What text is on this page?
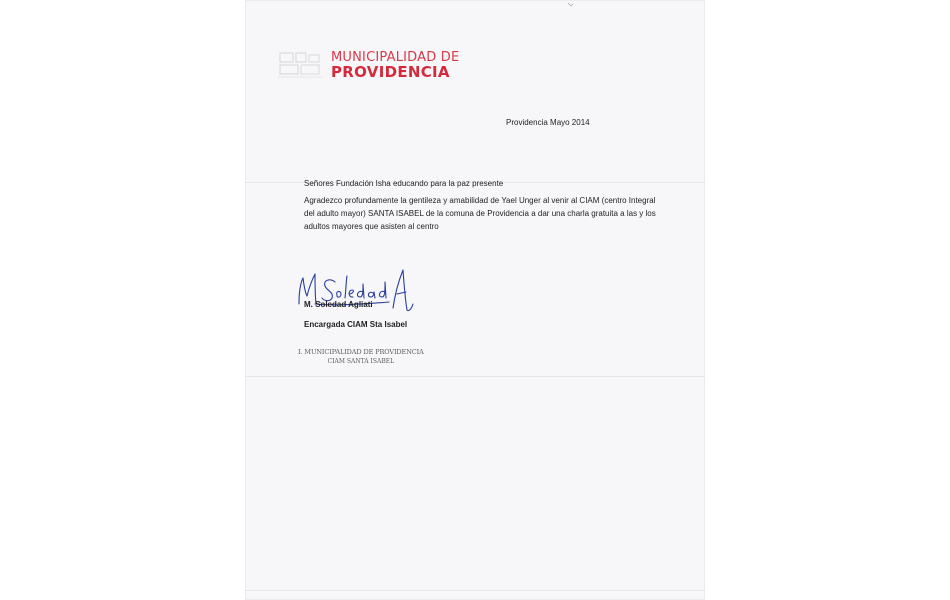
MUNICIPALIDAD DE
PROVIDENCIA
Providencia Mayo 2014
Señores Fundación Isha educando para la paz presente
Agradezco profundamente la gentileza y amabilidad de Yael Unger al venir al CIAM (centro Integral
del adulto mayor) SANTA ISABEL de la comuna de Providencia a dar una charla gratuita a las y los
adultos mayores que asisten al centro
M. Soledad Agliati
Encargada CIAM Sta Isabel
I. MUNICIPALIDAD DE PROVIDENCIA
CIAM SANTA ISABEL
